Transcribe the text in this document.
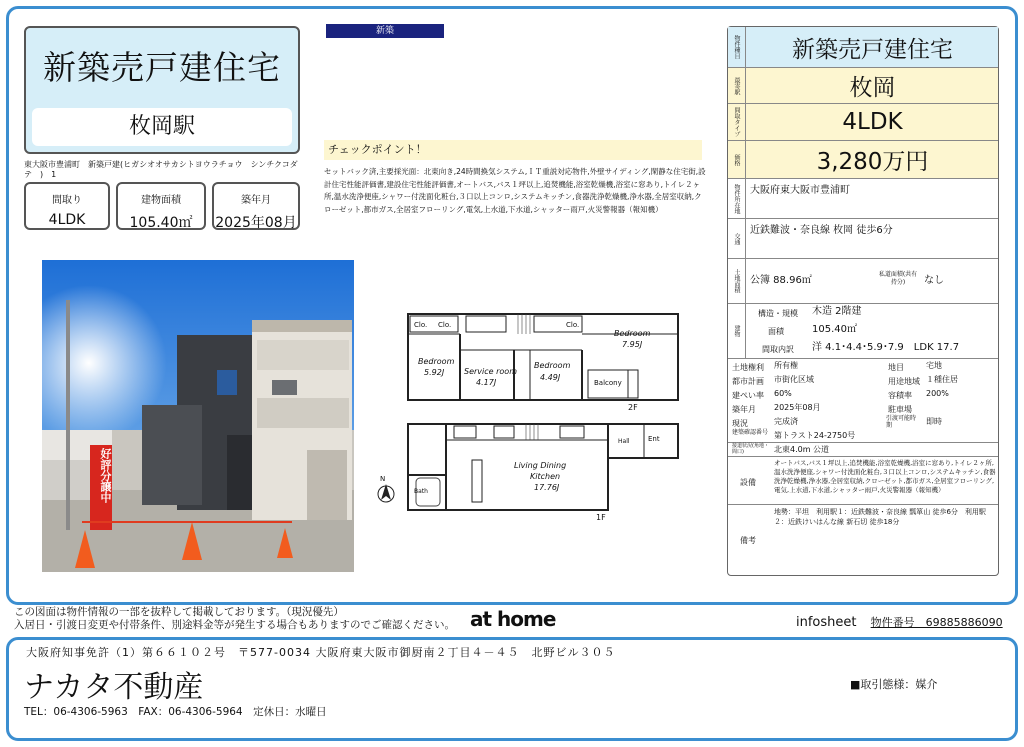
新築売戸建住宅
枚岡駅
東大阪市豊浦町　新築戸建(ヒガシオオサカシトヨウラチョウ　シンチクコダテ　)　1
間取り
4LDK
建物面積
105.40㎡
築年月
2025年08月
新築
チェックポイント！
セットバック済,主要採光面：北東向き,24時間換気システム,ＩＴ重説対応物件,外壁サイディング,閑静な住宅街,設計住宅性能評価書,建設住宅性能評価書,オートバス,バス１坪以上,追焚機能,浴室乾燥機,浴室に窓あり,トイレ２ヶ所,温水洗浄便座,シャワー付洗面化粧台,３口以上コンロ,システムキッチン,食器洗浄乾燥機,浄水器,全居室収納,クローゼット,都市ガス,全居室フローリング,電気,上水道,下水道,シャッター雨戸,火災警報器（報知機）
好評分譲中
Clo. Clo.	Clo.
Bedroom
5.92J Service room
4.17J
Bedroom
4.49J
Bedroom
7.95J
Balcony
2F
Living Dining
Kitchen
17.76J
Bath
Ent
Hall
1F
N
物件種目	新築売戸建住宅
最寄駅	枚岡
間取タイプ	4LDK
価格	3,280万円
物件所在地	大阪府東大阪市豊浦町
交通
近鉄難波・奈良線 枚岡 徒歩6分
土地面積	公簿 88.96㎡
私道面積(共有持分)	なし
建物
構造・規模 木造 2階建
面積	105.40㎡
間取内訳 洋 4.1･4.4･5.9･7.9　LDK 17.7
土地権利 所有権	地目	宅地
都市計画 市街化区域	用途地域 １種住居
建ぺい率 60%	容積率 200%
築年月 2025年08月	駐車場
現況	完成済	引渡可能時期	即時
建築確認番号 第トラスト24-2750号
接道状況(角地・間口)	北東4.0m 公道
設備
オートバス,バス１坪以上,追焚機能,浴室乾燥機,浴室に窓あり,トイレ２ヶ所,温水洗浄便座,シャワー付洗面化粧台,３口以上コンロ,システムキッチン,食器洗浄乾燥機,浄水器,全居室収納,クローゼット,都市ガス,全居室フローリング,電気,上水道,下水道,シャッター雨戸,火災警報器（報知機）
備考
地勢：平坦　利用駅１：近鉄難波・奈良線 瓢箪山 徒歩6分　利用駅２：近鉄けいはんな線 新石切 徒歩18分
この図面は物件情報の一部を抜粋して掲載しております。（現況優先）
入居日・引渡日変更や付帯条件、別途料金等が発生する場合もありますのでご確認ください。 at home	infosheet 物件番号　69885886090
大阪府知事免許（1）第６６１０２号　〒577-0034 大阪府東大阪市御厨南２丁目４－４５　北野ビル３０５
ナカタ不動産
TEL：06-4306-5963　FAX：06-4306-5964　定休日：水曜日
■取引態様：媒介
